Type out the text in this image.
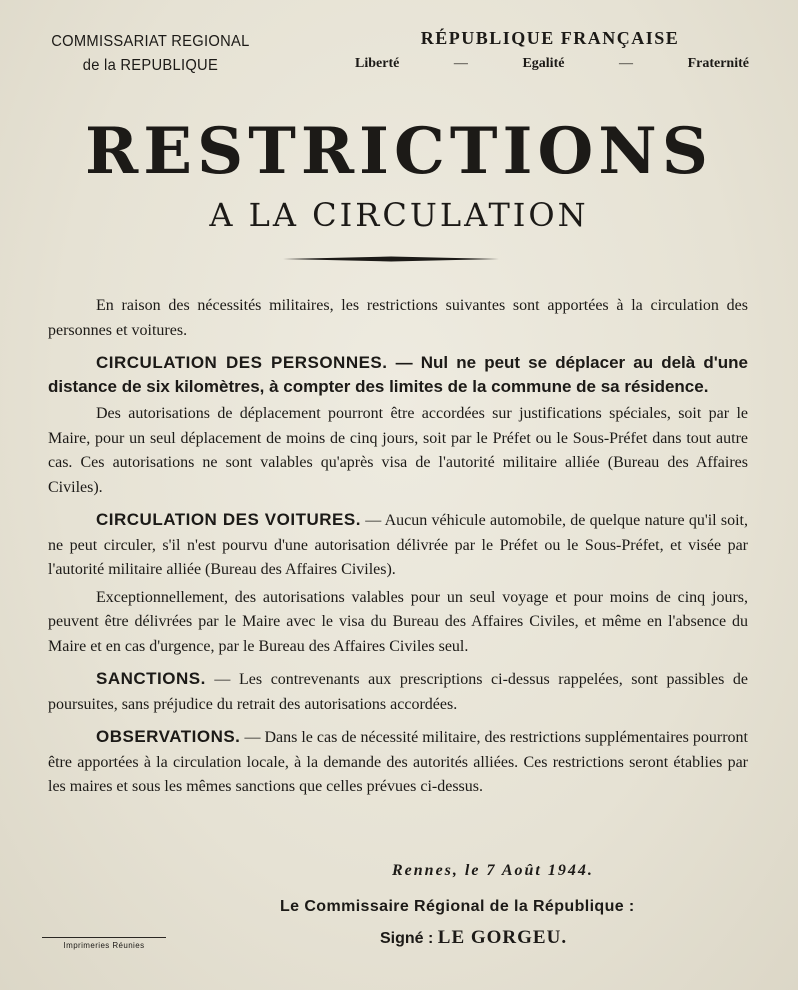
COMMISSARIAT REGIONAL
de la REPUBLIQUE
RÉPUBLIQUE FRANÇAISE
Liberté	—	Egalité	—	Fraternité
RESTRICTIONS
A LA CIRCULATION

En raison des nécessités militaires, les restrictions suivantes sont apportées à la circulation des personnes et voitures.

CIRCULATION DES PERSONNES. — Nul ne peut se déplacer au delà d'une distance de six kilomètres, à compter des limites de la commune de sa résidence.

Des autorisations de déplacement pourront être accordées sur justifications spéciales, soit par le Maire, pour un seul déplacement de moins de cinq jours, soit par le Préfet ou le Sous-Préfet dans tout autre cas. Ces autorisations ne sont valables qu'après visa de l'autorité militaire alliée (Bureau des Affaires Civiles).

CIRCULATION DES VOITURES. — Aucun véhicule automobile, de quelque nature qu'il soit, ne peut circuler, s'il n'est pourvu d'une autorisation délivrée par le Préfet ou le Sous-Préfet, et visée par l'autorité militaire alliée (Bureau des Affaires Civiles).

Exceptionnellement, des autorisations valables pour un seul voyage et pour moins de cinq jours, peuvent être délivrées par le Maire avec le visa du Bureau des Affaires Civiles, et même en l'absence du Maire et en cas d'urgence, par le Bureau des Affaires Civiles seul.

SANCTIONS. — Les contrevenants aux prescriptions ci-dessus rappelées, sont passibles de poursuites, sans préjudice du retrait des autorisations accordées.

OBSERVATIONS. — Dans le cas de nécessité militaire, des restrictions supplémentaires pourront être apportées à la circulation locale, à la demande des autorités alliées. Ces restrictions seront établies par les maires et sous les mêmes sanctions que celles prévues ci-dessus.

Rennes, le 7 Août 1944.
Le Commissaire Régional de la République :
Signé : LE GORGEU.
Imprimeries Réunies
